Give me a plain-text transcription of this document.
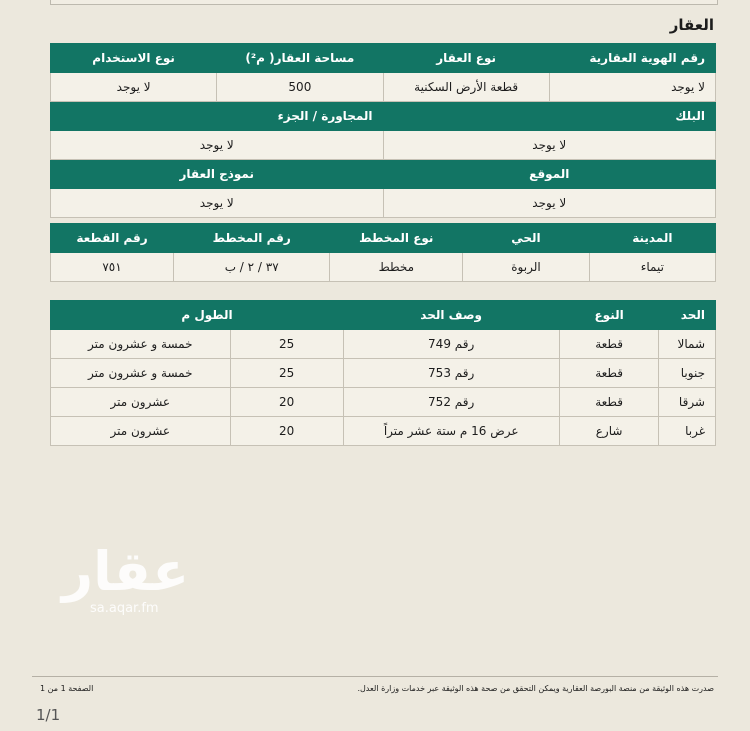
العقار
رقم الهوية العقارية	نوع العقار	مساحة العقار( م²)	نوع الاستخدام
لا يوجد	قطعة الأرض السكنية	500	لا يوجد
البلك		المجاورة / الجزء	
لا يوجد		لا يوجد	
الموقع		نموذج العقار	
لا يوجد		لا يوجد	
المدينة	الحي	نوع المخطط	رقم المخطط	رقم القطعة
تيماء	الربوة	مخطط	٣٧ / ٢ / ب	٧٥١
الحد	النوع	وصف الحد	الطول م	
شمالا	قطعة	رقم 749	25	خمسة و عشرون متر
جنوبا	قطعة	رقم 753	25	خمسة و عشرون متر
شرقا	قطعة	رقم 752	20	عشرون متر
غربا	شارع	عرض 16 م ستة عشر متراً	20	عشرون متر
عقار
sa.aqar.fm
صدرت هذه الوثيقة من منصة البورصة العقارية ويمكن التحقق من صحة هذه الوثيقة عبر خدمات وزارة العدل.
الصفحة 1 من 1
1/1
